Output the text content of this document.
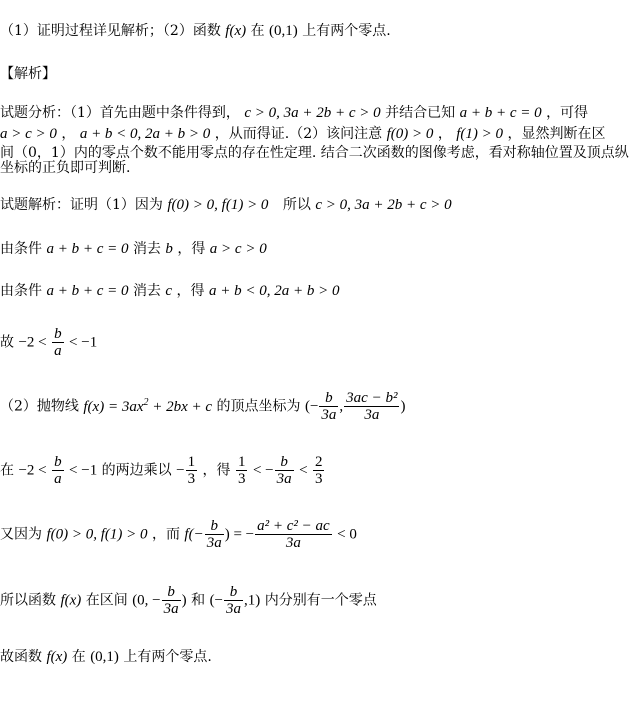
（1）证明过程详见解析；（2）函数 f(x) 在 (0,1) 上有两个零点.
【解析】
试题分析：（1）首先由题中条件得到， c > 0, 3a + 2b + c > 0 并结合已知 a + b + c = 0 ，可得
a > c > 0 ， a + b < 0, 2a + b > 0 ，从而得证.（2）该问注意 f(0) > 0 ， f(1) > 0 ，显然判断在区
间（0，1）内的零点个数不能用零点的存在性定理. 结合二次函数的图像考虑，看对称轴位置及顶点纵
坐标的正负即可判断.
试题解析：证明（1）因为 f(0) > 0, f(1) > 0 所以 c > 0, 3a + 2b + c > 0
由条件 a + b + c = 0 消去 b ，得 a > c > 0
由条件 a + b + c = 0 消去 c ，得 a + b < 0, 2a + b > 0
故 $-2 < \frac{b}{a} < -1$
（2）抛物线 $f(x) = 3ax^2 + 2bx + c$ 的顶点坐标为 (− $\frac{b}{3a}$ , $\frac{\text{3ac − b²}}{3a}$ )
在 $-2 < \frac{b}{a} < -1$ 的两边乘以 − $\frac{1}{3}$ ，得 $\frac{1}{3}$ < − $\frac{b}{3a} < \frac{2}{3}$
又因为 f(0) > 0, f(1) > 0 ，而 $f(- \frac{b}{3a}$ ) = − $\frac{\text{a² + c² − ac}}{3a} < 0$
所以函数 f(x) 在区间 (0, − $\frac{b}{3a}$ ) 和 (− $\frac{b}{3a} ,1$) 内分别有一个零点
故函数 f(x) 在 (0,1) 上有两个零点.
